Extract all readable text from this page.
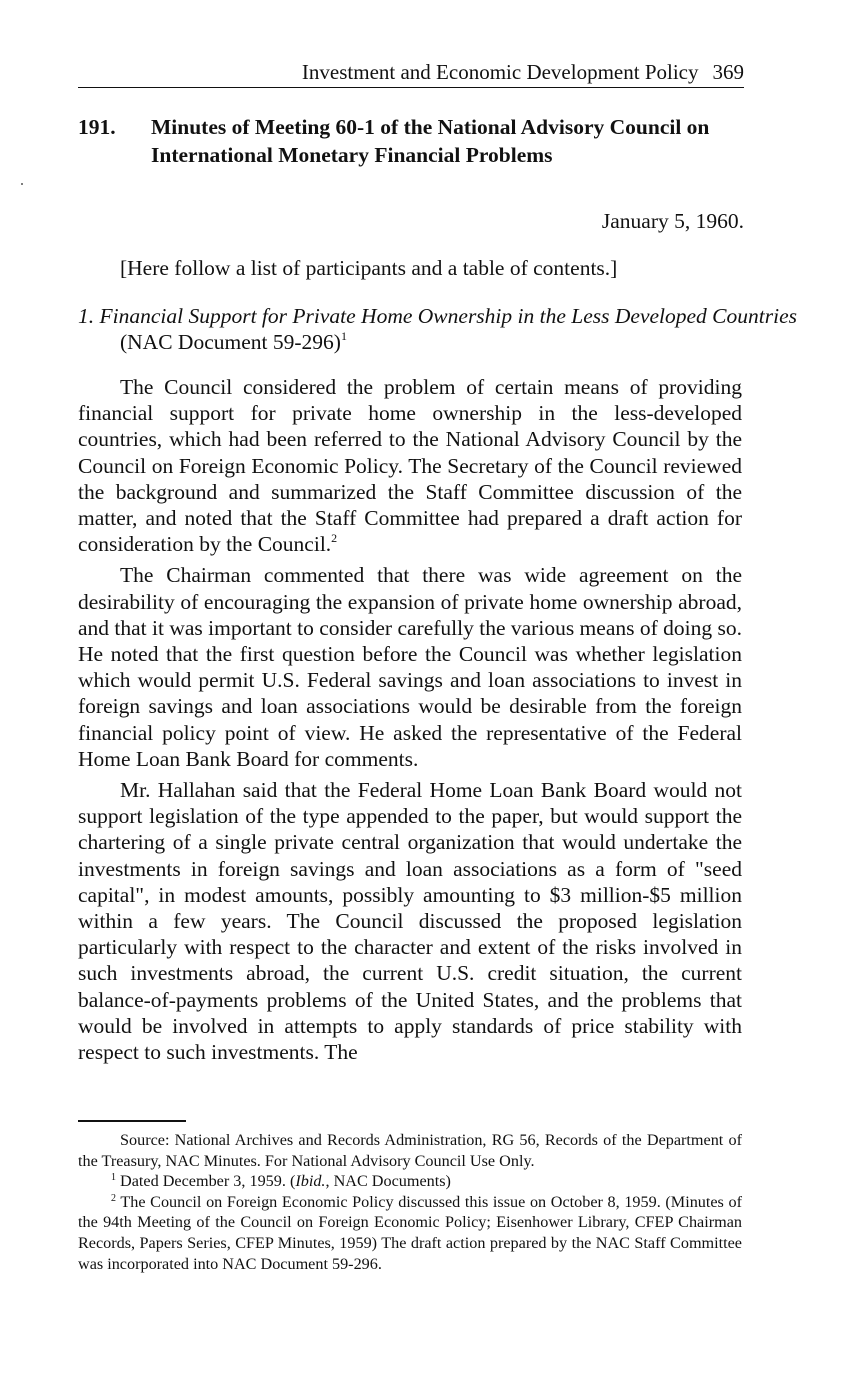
Investment and Economic Development Policy 369
191. Minutes of Meeting 60-1 of the National Advisory Council on International Monetary Financial Problems
January 5, 1960.
[Here follow a list of participants and a table of contents.]
1. Financial Support for Private Home Ownership in the Less Developed Countries (NAC Document 59-296)$^1$

The Council considered the problem of certain means of providing financial support for private home ownership in the less-developed countries, which had been referred to the National Advisory Council by the Council on Foreign Economic Policy. The Secretary of the Council reviewed the background and summarized the Staff Committee discussion of the matter, and noted that the Staff Committee had prepared a draft action for consideration by the Council.$^2$

The Chairman commented that there was wide agreement on the desirability of encouraging the expansion of private home ownership abroad, and that it was important to consider carefully the various means of doing so. He noted that the first question before the Council was whether legislation which would permit U.S. Federal savings and loan associations to invest in foreign savings and loan associations would be desirable from the foreign financial policy point of view. He asked the representative of the Federal Home Loan Bank Board for comments.

Mr. Hallahan said that the Federal Home Loan Bank Board would not support legislation of the type appended to the paper, but would support the chartering of a single private central organization that would undertake the investments in foreign savings and loan associations as a form of "seed capital", in modest amounts, possibly amounting to $3 million-$5 million within a few years. The Council discussed the proposed legislation particularly with respect to the character and extent of the risks involved in such investments abroad, the current U.S. credit situation, the current balance-of-payments problems of the United States, and the problems that would be involved in attempts to apply standards of price stability with respect to such investments. The

Source: National Archives and Records Administration, RG 56, Records of the Department of the Treasury, NAC Minutes. For National Advisory Council Use Only.

$^1$ Dated December 3, 1959. (Ibid., NAC Documents)

$^2$ The Council on Foreign Economic Policy discussed this issue on October 8, 1959. (Minutes of the 94th Meeting of the Council on Foreign Economic Policy; Eisenhower Library, CFEP Chairman Records, Papers Series, CFEP Minutes, 1959) The draft action prepared by the NAC Staff Committee was incorporated into NAC Document 59-296.
